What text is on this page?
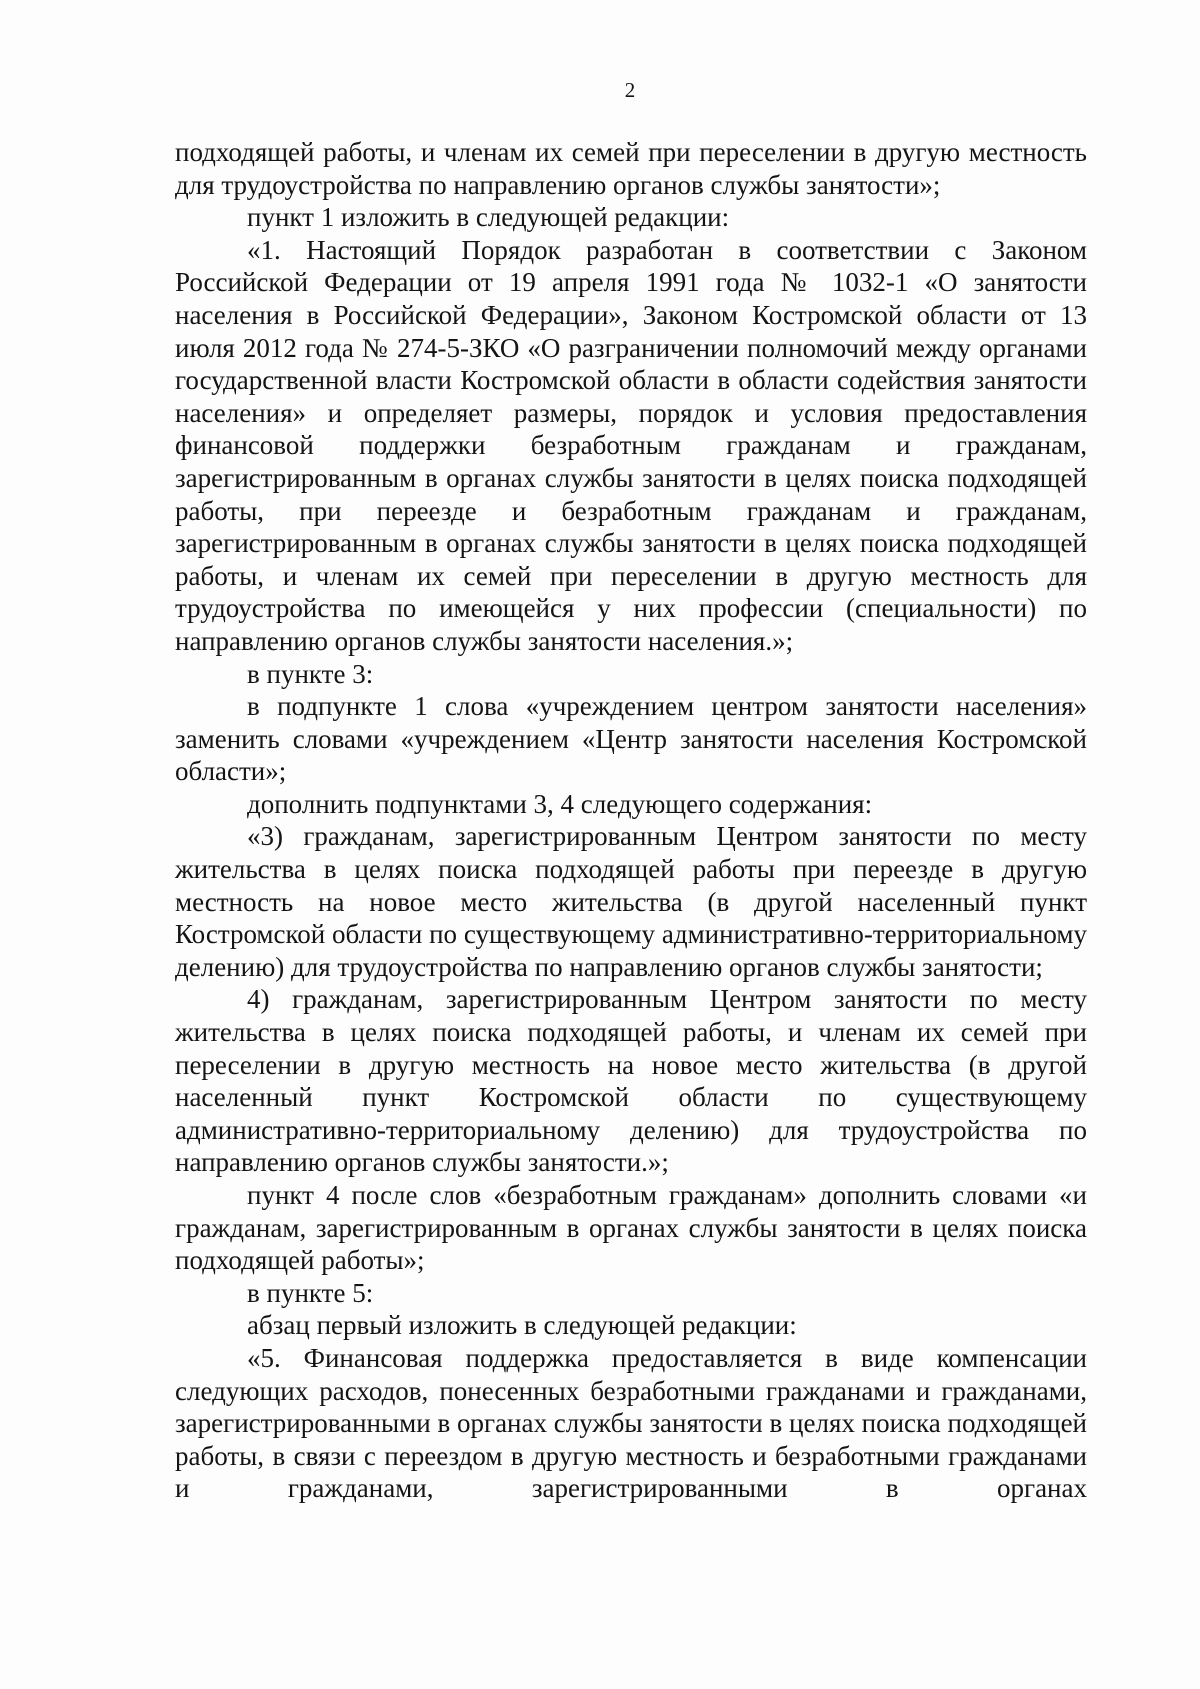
2

подходящей работы, и членам их семей при переселении в другую местность для трудоустройства по направлению органов службы занятости»;

пункт 1 изложить в следующей редакции:

«1. Настоящий Порядок разработан в соответствии с Законом Российской Федерации от 19 апреля 1991 года № 1032-1 «О занятости населения в Российской Федерации», Законом Костромской области от 13 июля 2012 года № 274-5-ЗКО «О разграничении полномочий между органами государственной власти Костромской области в области содействия занятости населения» и определяет размеры, порядок и условия предоставления финансовой поддержки безработным гражданам и гражданам, зарегистрированным в органах службы занятости в целях поиска подходящей работы, при переезде и безработным гражданам и гражданам, зарегистрированным в органах службы занятости в целях поиска подходящей работы, и членам их семей при переселении в другую местность для трудоустройства по имеющейся у них профессии (специальности) по направлению органов службы занятости населения.»;

в пункте 3:

в подпункте 1 слова «учреждением центром занятости населения» заменить словами «учреждением «Центр занятости населения Костромской области»;

дополнить подпунктами 3, 4 следующего содержания:

«3) гражданам, зарегистрированным Центром занятости по месту жительства в целях поиска подходящей работы при переезде в другую местность на новое место жительства (в другой населенный пункт Костромской области по существующему административно-территориальному делению) для трудоустройства по направлению органов службы занятости;

4) гражданам, зарегистрированным Центром занятости по месту жительства в целях поиска подходящей работы, и членам их семей при переселении в другую местность на новое место жительства (в другой населенный пункт Костромской области по существующему административно-территориальному делению) для трудоустройства по направлению органов службы занятости.»;

пункт 4 после слов «безработным гражданам» дополнить словами «и гражданам, зарегистрированным в органах службы занятости в целях поиска подходящей работы»;

в пункте 5:

абзац первый изложить в следующей редакции:

«5. Финансовая поддержка предоставляется в виде компенсации следующих расходов, понесенных безработными гражданами и гражданами, зарегистрированными в органах службы занятости в целях поиска подходящей работы, в связи с переездом в другую местность и безработными гражданами и гражданами, зарегистрированными в органах
